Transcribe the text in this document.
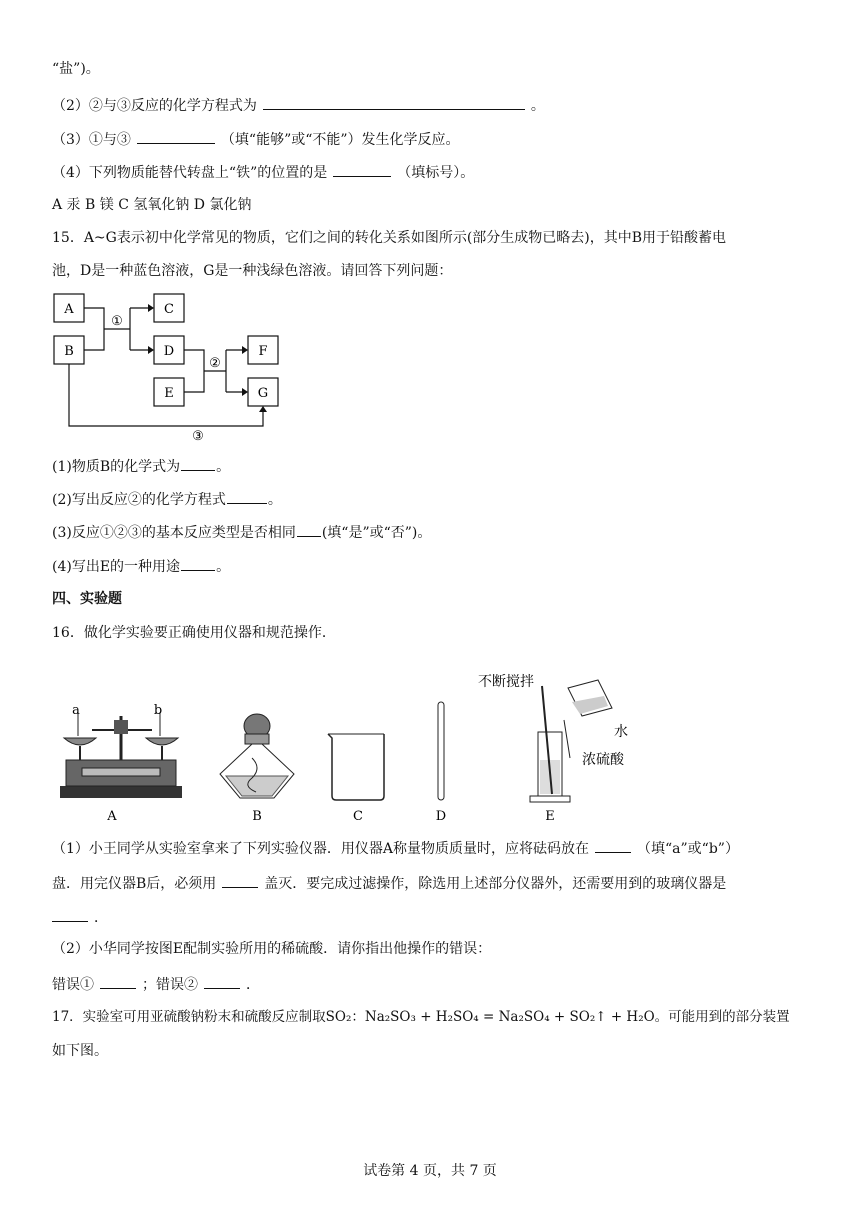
“盐”)。
（2）②与③反应的化学方程式为	。
（3）①与③	（填“能够”或“不能”）发生化学反应。
（4）下列物质能替代转盘上“铁”的位置的是	（填标号）。
A 汞 B 镁 C 氢氧化钠 D 氯化钠
15．A~G表示初中化学常见的物质，它们之间的转化关系如图所示(部分生成物已略去)，其中B用于铅酸蓄电
池，D是一种蓝色溶液，G是一种浅绿色溶液。请回答下列问题：
A
B
C
D
E
F
G
①
②
③
(1)物质B的化学式为	。
(2)写出反应②的化学方程式	。
(3)反应①②③的基本反应类型是否相同 (填“是”或“否”)。
(4)写出E的一种用途	。
四、实验题
16．做化学实验要正确使用仪器和规范操作．
a	b
不断搅拌
水
浓硫酸
A	B	C	D	E
（1）小王同学从实验室拿来了下列实验仪器．用仪器A称量物质质量时，应将砝码放在	（填“a”或“b”）
盘．用完仪器B后，必须用	盖灭．要完成过滤操作，除选用上述部分仪器外，还需要用到的玻璃仪器是
．
（2）小华同学按图E配制实验所用的稀硫酸．请你指出他操作的错误：
错误①	；错误②	．
17．实验室可用亚硫酸钠粉末和硫酸反应制取SO₂：Na₂SO₃ + H₂SO₄ = Na₂SO₄ + SO₂↑ + H₂O。可能用到的部分装置
如下图。
试卷第 4 页，共 7 页
